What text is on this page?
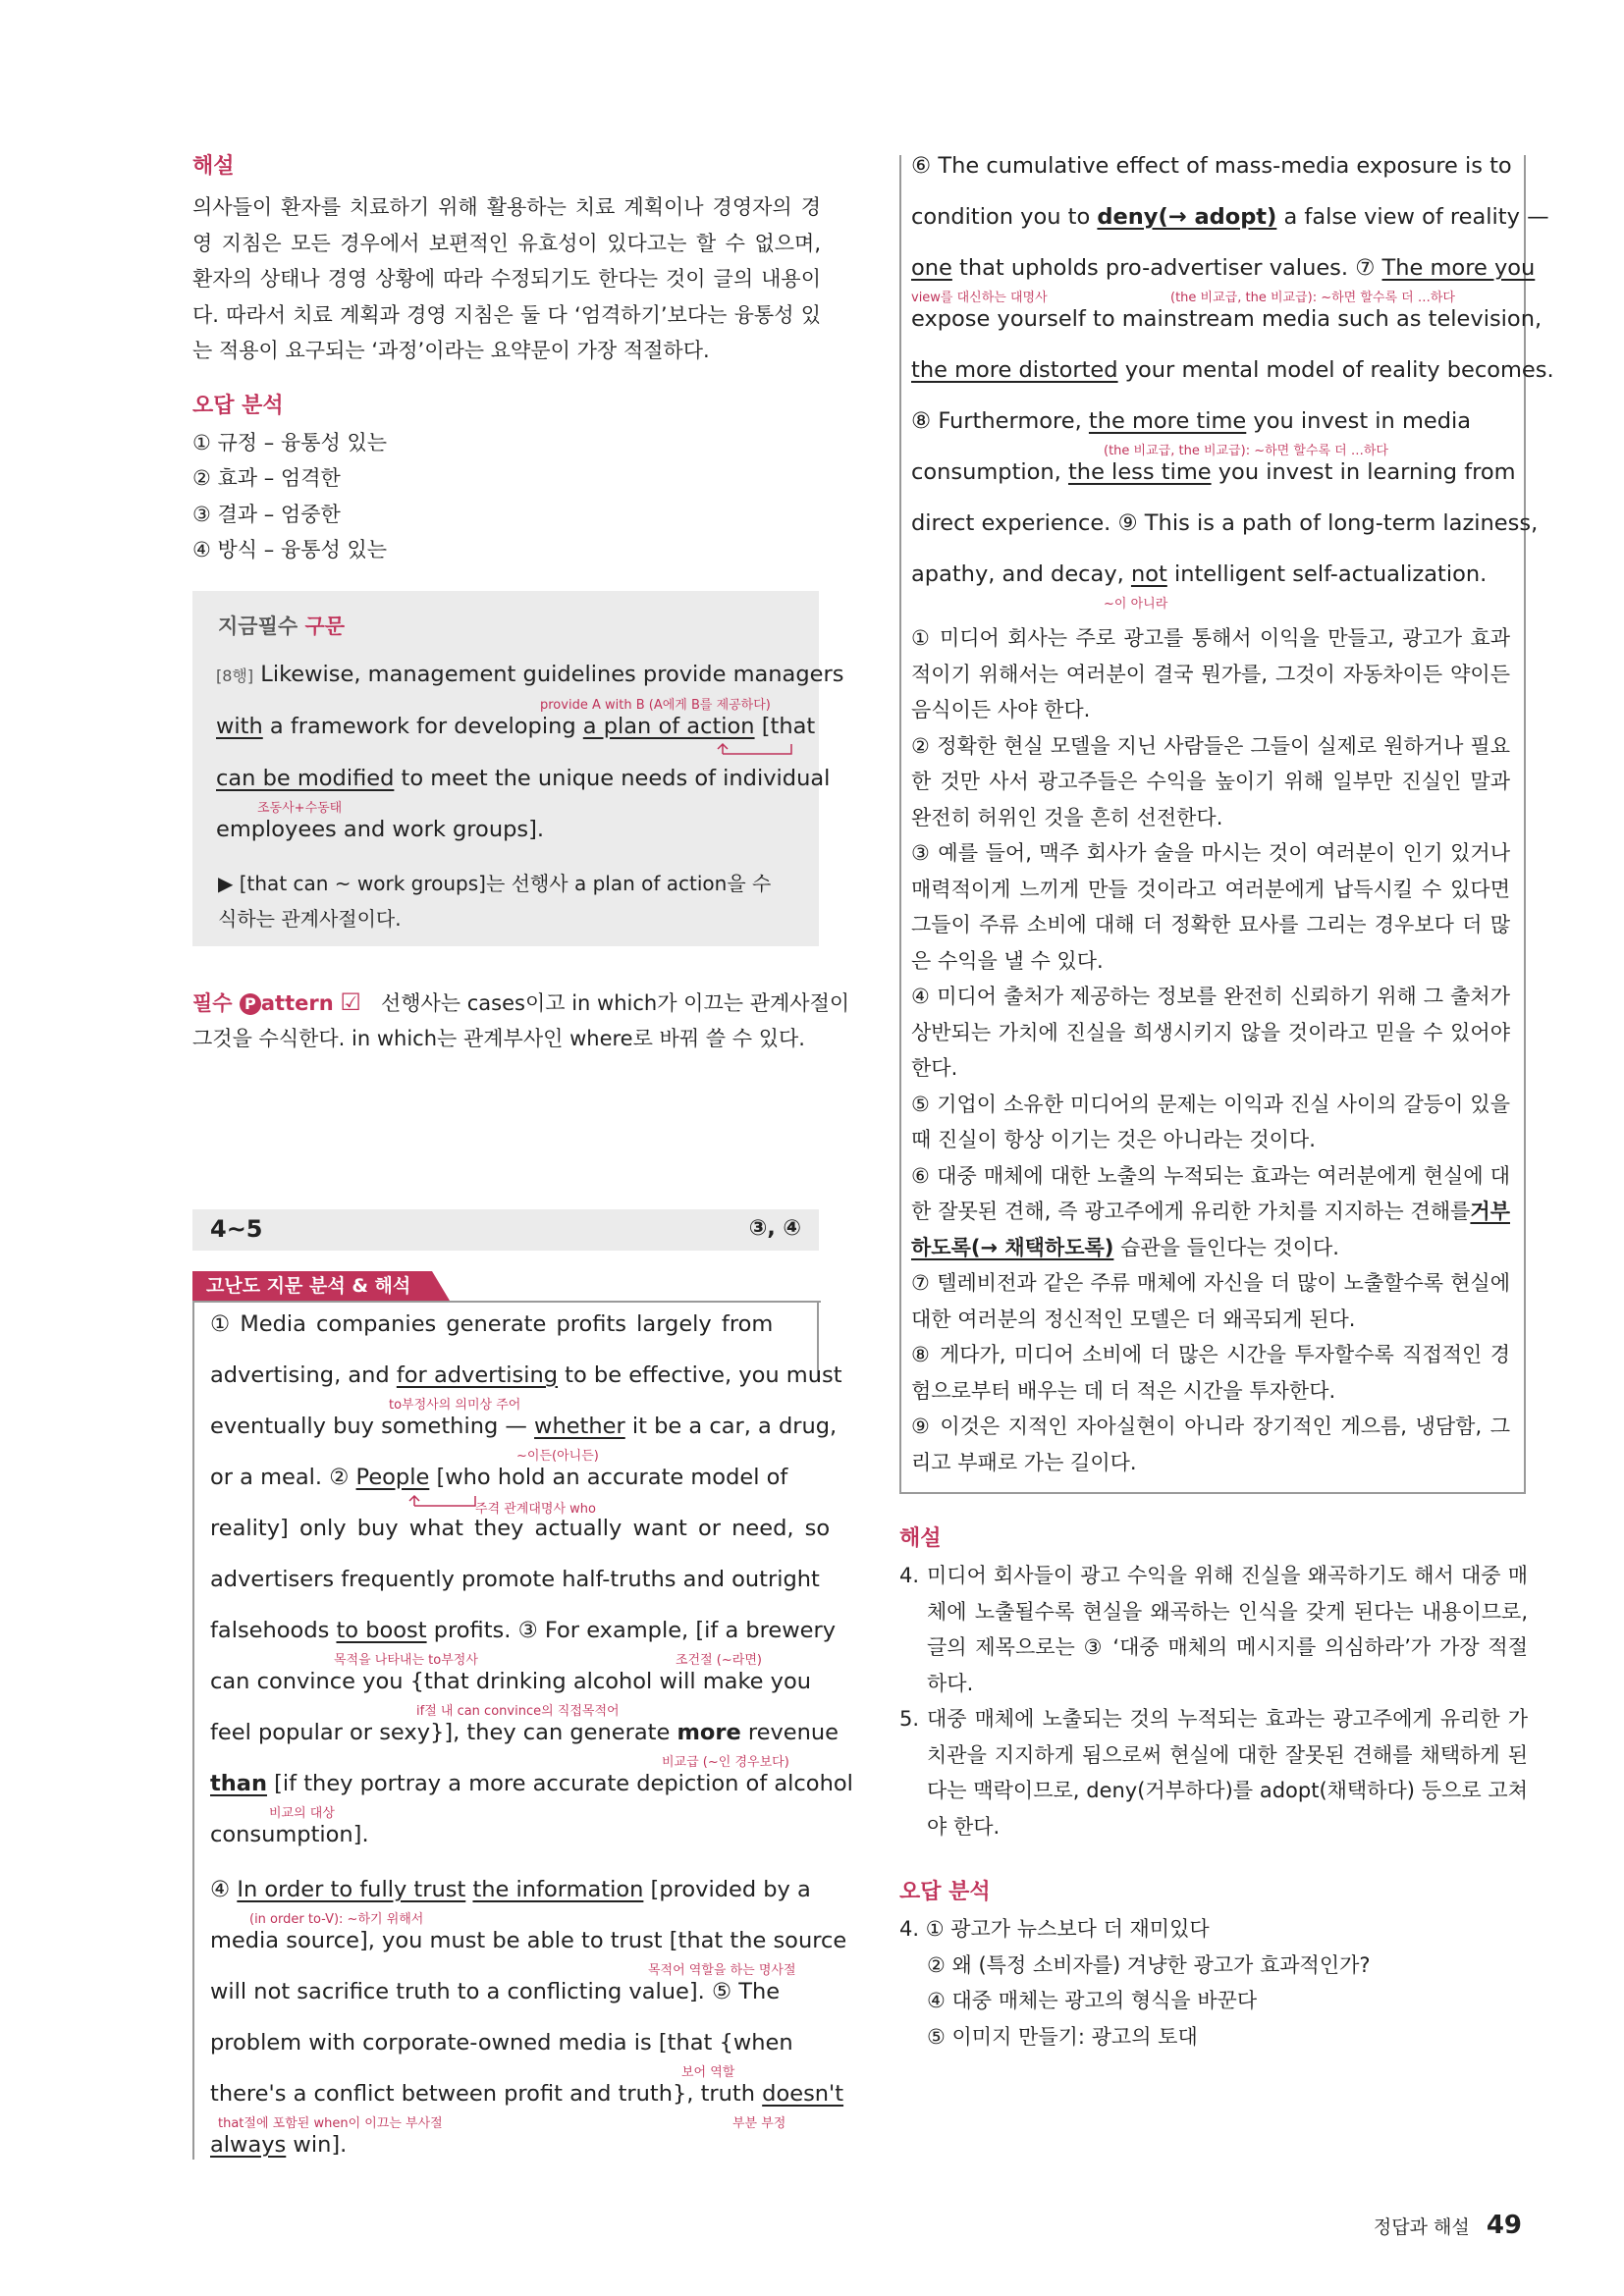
해설
의사들이 환자를 치료하기 위해 활용하는 치료 계획이나 경영자의 경영 지침은 모든 경우에서 보편적인 유효성이 있다고는 할 수 없으며, 환자의 상태나 경영 상황에 따라 수정되기도 한다는 것이 글의 내용이다. 따라서 치료 계획과 경영 지침은 둘 다 ‘엄격하기’보다는 융통성 있는 적용이 요구되는 ‘과정’이라는 요약문이 가장 적절하다.
오답 분석
① 규정 – 융통성 있는
② 효과 – 엄격한
③ 결과 – 엄중한
④ 방식 – 융통성 있는
지금필수 구문
[8행] Likewise, management guidelines provide managers
provide A with B (A에게 B를 제공하다)
with a framework for developing a plan of action [that
can be modified to meet the unique needs of individual
조동사+수동태
employees and work groups].
▶ [that can ~ work groups]는 선행사 a plan of action을 수
식하는 관계사절이다.
필수 P attern ☑ 선행사는 cases이고 in which가 이끄는 관계사절이
그것을 수식한다. in which는 관계부사인 where로 바꿔 쓸 수 있다.
4~5	③, ④
고난도 지문 분석 & 해석
① Media companies generate profits largely from
advertising, and for advertising to be effective, you must
to부정사의 의미상 주어
eventually buy something — whether it be a car, a drug,
~이든(아니든)
or a meal. ② People [who hold an accurate model of
주격 관계대명사 who
reality] only buy what they actually want or need, so
advertisers frequently promote half-truths and outright
falsehoods to boost profits. ③ For example, [if a brewery
목적을 나타내는 to부정사	조건절 (~라면)
can convince you {that drinking alcohol will make you
if절 내 can convince의 직접목적어
feel popular or sexy}], they can generate more revenue
비교급 (~인 경우보다)
than [if they portray a more accurate depiction of alcohol
비교의 대상
consumption].
④ In order to fully trust the information [provided by a
(in order to-V): ~하기 위해서
media source], you must be able to trust [that the source
목적어 역할을 하는 명사절
will not sacrifice truth to a conflicting value]. ⑤ The
problem with corporate-owned media is [that {when
보어 역할
there's a conflict between profit and truth}, truth doesn't
that절에 포함된 when이 이끄는 부사절	부분 부정
always win].
⑥ The cumulative effect of mass-media exposure is to
condition you to deny(→ adopt) a false view of reality —
one that upholds pro-advertiser values. ⑦ The more you
view를 대신하는 대명사	(the 비교급, the 비교급): ~하면 할수록 더 …하다
expose yourself to mainstream media such as television,
the more distorted your mental model of reality becomes.
⑧ Furthermore, the more time you invest in media
(the 비교급, the 비교급): ~하면 할수록 더 …하다
consumption, the less time you invest in learning from
direct experience. ⑨ This is a path of long-term laziness,
apathy, and decay, not intelligent self-actualization.
~이 아니라
① 미디어 회사는 주로 광고를 통해서 이익을 만들고, 광고가 효과적이기 위해서는 여러분이 결국 뭔가를, 그것이 자동차이든 약이든 음식이든 사야 한다.
② 정확한 현실 모델을 지닌 사람들은 그들이 실제로 원하거나 필요한 것만 사서 광고주들은 수익을 높이기 위해 일부만 진실인 말과 완전히 허위인 것을 흔히 선전한다.
③ 예를 들어, 맥주 회사가 술을 마시는 것이 여러분이 인기 있거나 매력적이게 느끼게 만들 것이라고 여러분에게 납득시킬 수 있다면 그들이 주류 소비에 대해 더 정확한 묘사를 그리는 경우보다 더 많은 수익을 낼 수 있다.
④ 미디어 출처가 제공하는 정보를 완전히 신뢰하기 위해 그 출처가 상반되는 가치에 진실을 희생시키지 않을 것이라고 믿을 수 있어야 한다.
⑤ 기업이 소유한 미디어의 문제는 이익과 진실 사이의 갈등이 있을 때 진실이 항상 이기는 것은 아니라는 것이다.
⑥ 대중 매체에 대한 노출의 누적되는 효과는 여러분에게 현실에 대한 잘못된 견해, 즉 광고주에게 유리한 가치를 지지하는 견해를거부하도록(→ 채택하도록) 습관을 들인다는 것이다.
⑦ 텔레비전과 같은 주류 매체에 자신을 더 많이 노출할수록 현실에 대한 여러분의 정신적인 모델은 더 왜곡되게 된다.
⑧ 게다가, 미디어 소비에 더 많은 시간을 투자할수록 직접적인 경험으로부터 배우는 데 더 적은 시간을 투자한다.
⑨ 이것은 지적인 자아실현이 아니라 장기적인 게으름, 냉담함, 그리고 부패로 가는 길이다.
해설
4. 미디어 회사들이 광고 수익을 위해 진실을 왜곡하기도 해서 대중 매체에 노출될수록 현실을 왜곡하는 인식을 갖게 된다는 내용이므로, 글의 제목으로는 ③ ‘대중 매체의 메시지를 의심하라’가 가장 적절하다.
5. 대중 매체에 노출되는 것의 누적되는 효과는 광고주에게 유리한 가치관을 지지하게 됨으로써 현실에 대한 잘못된 견해를 채택하게 된다는 맥락이므로, deny(거부하다)를 adopt(채택하다) 등으로 고쳐야 한다.
오답 분석
4. ① 광고가 뉴스보다 더 재미있다
② 왜 (특정 소비자를) 겨냥한 광고가 효과적인가?
④ 대중 매체는 광고의 형식을 바꾼다
⑤ 이미지 만들기: 광고의 토대
정답과 해설 49
